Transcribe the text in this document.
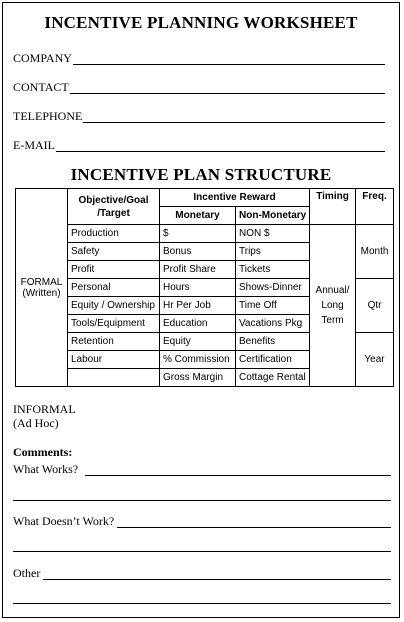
INCENTIVE PLANNING WORKSHEET
COMPANY
CONTACT
TELEPHONE
E-MAIL
INCENTIVE PLAN STRUCTURE
FORMAL
(Written)	Objective/Goal /Target	Incentive Reward		Timing	Freq.
		Monetary	Non-Monetary		
	Production	$	NON $	Annual/ Long Term	Month
	Safety	Bonus	Trips		
	Profit	Profit Share	Tickets		
	Personal	Hours	Shows-Dinner		Qtr
	Equity / Ownership	Hr Per Job	Time Off		
	Tools/Equipment	Education	Vacations Pkg		
	Retention	Equity	Benefits		Year
	Labour	% Commission	Certification		
		Gross Margin	Cottage Rental		
INFORMAL
(Ad Hoc)
Comments:
What Works?
What Doesn’t Work?
Other
